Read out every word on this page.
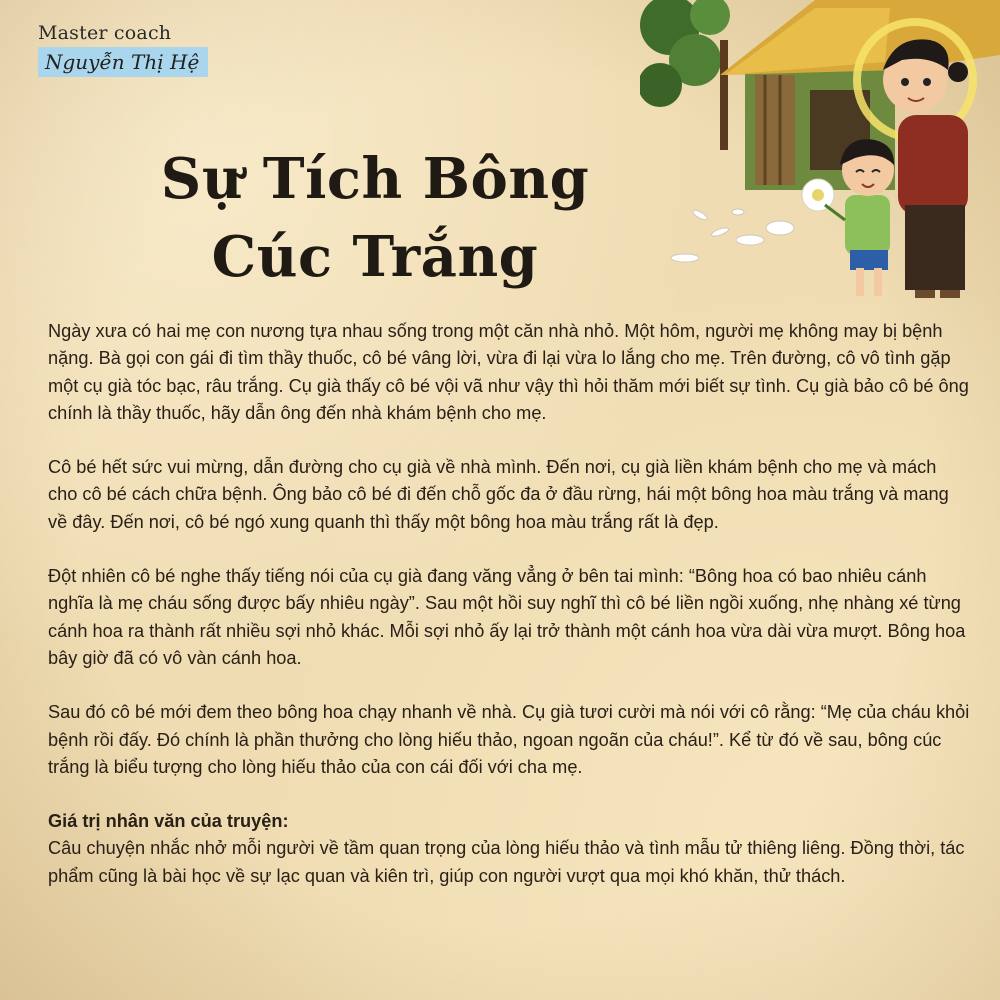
Master coach
Nguyễn Thị Hệ
Sự Tích Bông
Cúc Trắng

Ngày xưa có hai mẹ con nương tựa nhau sống trong một căn nhà nhỏ. Một hôm, người mẹ không may bị bệnh nặng. Bà gọi con gái đi tìm thầy thuốc, cô bé vâng lời, vừa đi lại vừa lo lắng cho mẹ. Trên đường, cô vô tình gặp một cụ già tóc bạc, râu trắng. Cụ già thấy cô bé vội vã như vậy thì hỏi thăm mới biết sự tình. Cụ già bảo cô bé ông chính là thầy thuốc, hãy dẫn ông đến nhà khám bệnh cho mẹ.

Cô bé hết sức vui mừng, dẫn đường cho cụ già về nhà mình. Đến nơi, cụ già liền khám bệnh cho mẹ và mách cho cô bé cách chữa bệnh. Ông bảo cô bé đi đến chỗ gốc đa ở đầu rừng, hái một bông hoa màu trắng và mang về đây. Đến nơi, cô bé ngó xung quanh thì thấy một bông hoa màu trắng rất là đẹp.

Đột nhiên cô bé nghe thấy tiếng nói của cụ già đang văng vẳng ở bên tai mình: “Bông hoa có bao nhiêu cánh nghĩa là mẹ cháu sống được bấy nhiêu ngày”. Sau một hồi suy nghĩ thì cô bé liền ngồi xuống, nhẹ nhàng xé từng cánh hoa ra thành rất nhiều sợi nhỏ khác. Mỗi sợi nhỏ ấy lại trở thành một cánh hoa vừa dài vừa mượt. Bông hoa bây giờ đã có vô vàn cánh hoa.

Sau đó cô bé mới đem theo bông hoa chạy nhanh về nhà. Cụ già tươi cười mà nói với cô rằng: “Mẹ của cháu khỏi bệnh rồi đấy. Đó chính là phần thưởng cho lòng hiếu thảo, ngoan ngoãn của cháu!”. Kể từ đó về sau, bông cúc trắng là biểu tượng cho lòng hiếu thảo của con cái đối với cha mẹ.

Giá trị nhân văn của truyện:

Câu chuyện nhắc nhở mỗi người về tầm quan trọng của lòng hiếu thảo và tình mẫu tử thiêng liêng. Đồng thời, tác phẩm cũng là bài học về sự lạc quan và kiên trì, giúp con người vượt qua mọi khó khăn, thử thách.
